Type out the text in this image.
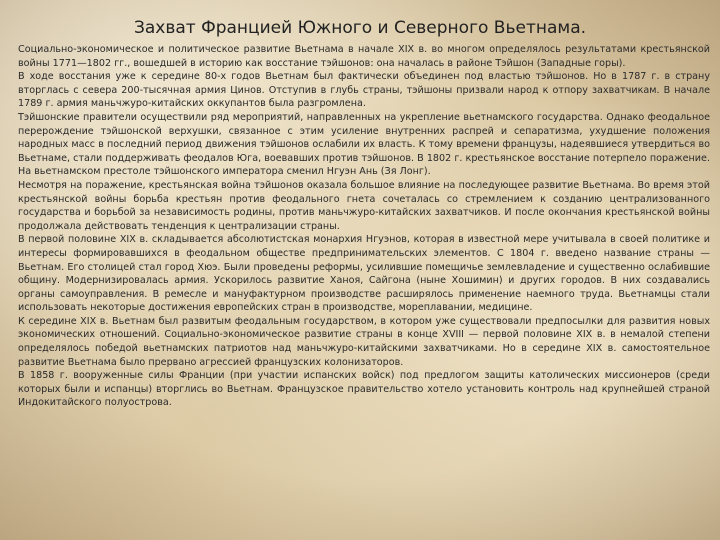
Захват Францией Южного и Северного Вьетнама.

Социально-экономическое и политическое развитие Вьетнама в начале XIX в. во многом определялось результатами крестьянской войны 1771—1802 гг., вошедшей в историю как восстание тэйшонов: она началась в районе Тэйшон (Западные горы).

В ходе восстания уже к середине 80-х годов Вьетнам был фактически объединен под властью тэйшонов. Но в 1787 г. в страну вторглась с севера 200-тысячная армия Цинов. Отступив в глубь страны, тэйшоны призвали народ к отпору захватчикам. В начале 1789 г. армия маньчжуро-китайских оккупантов была разгромлена.

Тэйшонские правители осуществили ряд мероприятий, направленных на укрепление вьетнамского государства. Однако феодальное перерождение тэйшонской верхушки, связанное с этим усиление внутренних распрей и сепаратизма, ухудшение положения народных масс в последний период движения тэйшонов ослабили их власть. К тому времени французы, надеявшиеся утвердиться во Вьетнаме, стали поддерживать феодалов Юга, воевавших против тэйшонов. В 1802 г. крестьянское восстание потерпело поражение. На вьетнамском престоле тэйшонского императора сменил Нгуэн Ань (Зя Лонг).

Несмотря на поражение, крестьянская война тэйшонов оказала большое влияние на последующее развитие Вьетнама. Во время этой крестьянской войны борьба крестьян против феодального гнета сочеталась со стремлением к созданию централизованного государства и борьбой за независимость родины, против маньчжуро-китайских захватчиков. И после окончания крестьянской войны продолжала действовать тенденция к централизации страны.

В первой половине XIX в. складывается абсолютистская монархия Нгуэнов, которая в известной мере учитывала в своей политике и интересы формировавшихся в феодальном обществе предпринимательских элементов. С 1804 г. введено название страны — Вьетнам. Его столицей стал город Хюэ. Были проведены реформы, усилившие помещичье землевладение и существенно ослабившие общину. Модернизировалась армия. Ускорилось развитие Ханоя, Сайгона (ныне Хошимин) и других городов. В них создавались органы самоуправления. В ремесле и мануфактурном производстве расширялось применение наемного труда. Вьетнамцы стали использовать некоторые достижения европейских стран в производстве, мореплавании, медицине.

К середине XIX в. Вьетнам был развитым феодальным государством, в котором уже существовали предпосылки для развития новых экономических отношений. Социально-экономическое развитие страны в конце XVIII — первой половине XIX в. в немалой степени определялось победой вьетнамских патриотов над маньчжуро-китайскими захватчиками. Но в середине XIX в. самостоятельное развитие Вьетнама было прервано агрессией французских колонизаторов.

В 1858 г. вооруженные силы Франции (при участии испанских войск) под предлогом защиты католических миссионеров (среди которых были и испанцы) вторглись во Вьетнам. Французское правительство хотело установить контроль над крупнейшей страной Индокитайского полуострова.
